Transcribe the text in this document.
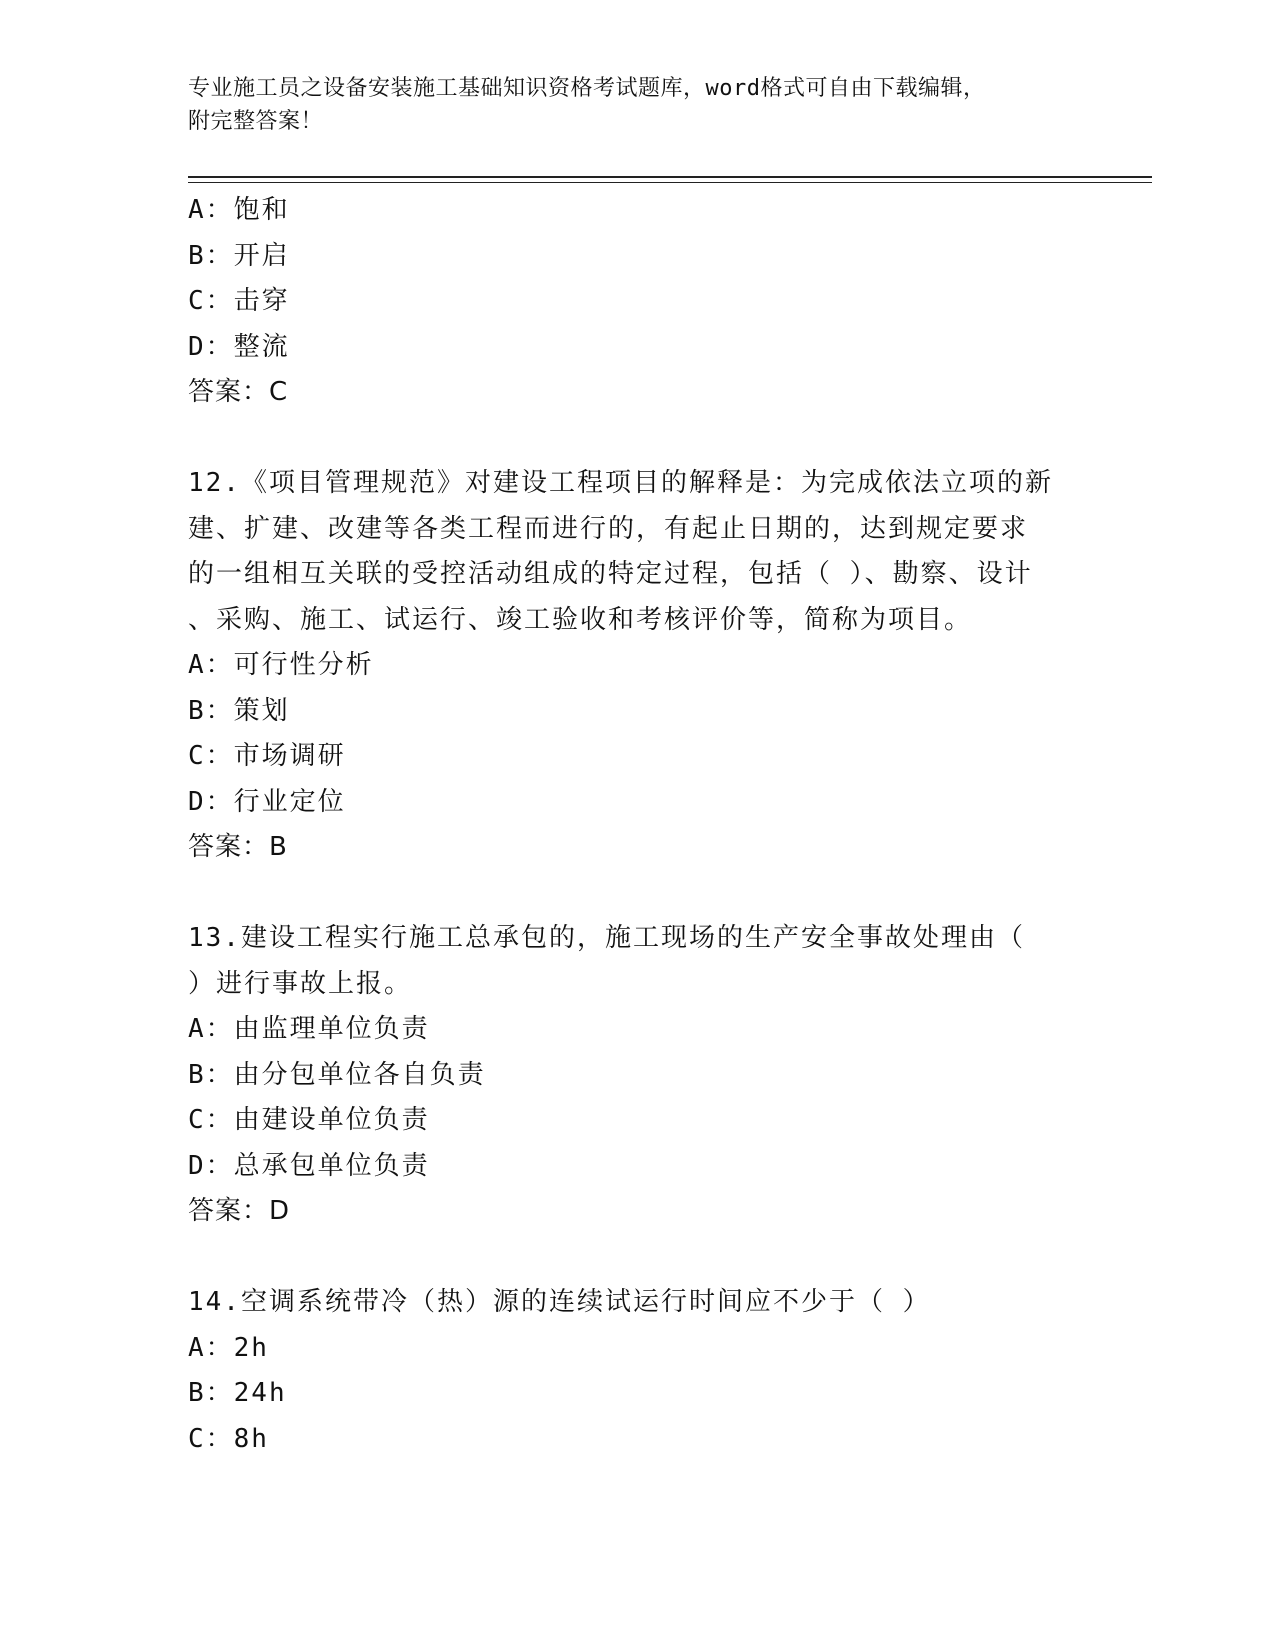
专业施工员之设备安装施工基础知识资格考试题库，word格式可自由下载编辑，
附完整答案！
A：饱和
B：开启
C：击穿
D：整流
答案：C
12.《项目管理规范》对建设工程项目的解释是：为完成依法立项的新
建、扩建、改建等各类工程而进行的，有起止日期的，达到规定要求
的一组相互关联的受控活动组成的特定过程，包括（ ）、勘察、设计
、采购、施工、试运行、竣工验收和考核评价等，简称为项目。
A：可行性分析
B：策划
C：市场调研
D：行业定位
答案：B
13.建设工程实行施工总承包的，施工现场的生产安全事故处理由（
）进行事故上报。
A：由监理单位负责
B：由分包单位各自负责
C：由建设单位负责
D：总承包单位负责
答案：D
14.空调系统带冷（热）源的连续试运行时间应不少于（ ）
A：2h
B：24h
C：8h
